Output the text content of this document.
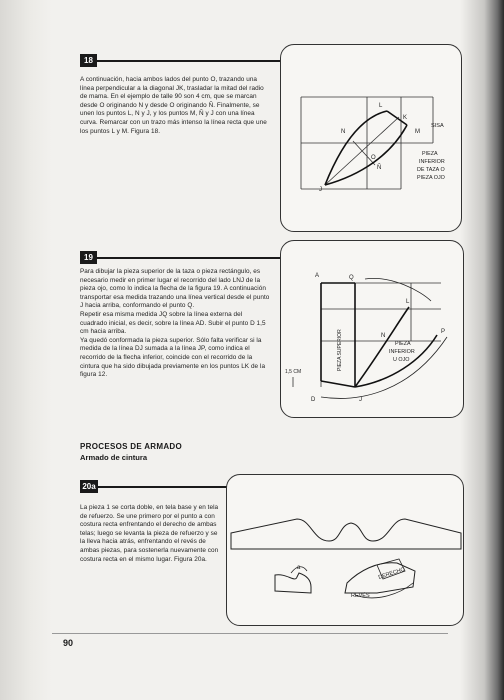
18
A continuación, hacia ambos lados del punto O, trazando una línea perpendicular a la diagonal JK, trasladar la mitad del radio de mama. En el ejemplo de talle 90 son 4 cm, que se marcan desde O originando N y desde O originando Ñ. Finalmente, se unen los puntos L, N y J, y los puntos M, Ñ y J con una línea curva. Remarcar con un trazo más intenso la línea recta que une los puntos L y M. Figura 18.
L
K
M
N
O
Ñ
J
SISA
PIEZA
INFERIOR
DE TAZA O
PIEZA OJO
19
Para dibujar la pieza superior de la taza o pieza rectángulo, es necesario medir en primer lugar el recorrido del lado LNJ de la pieza ojo, como lo indica la flecha de la figura 19. A continuación transportar esa medida trazando una línea vertical desde el punto J hacia arriba, conformando el punto Q.
Repetir esa misma medida JQ sobre la línea externa del cuadrado inicial, es decir, sobre la línea AD. Subir el punto D 1,5 cm hacia arriba.
Ya quedó conformada la pieza superior. Sólo falta verificar si la medida de la línea DJ sumada a la línea JP, como indica el recorrido de la flecha inferior, coincide con el recorrido de la cintura que ha sido dibujada previamente en los puntos LK de la figura 12.
A	Q
L
N
J
D
P
1,5 CM
PIEZA SUPERIOR	PIEZA
INFERIOR
U OJO
PROCESOS DE ARMADO
Armado de cintura
20a
La pieza 1 se corta doble, en tela base y en tela de refuerzo. Se une primero por el punto a con costura recta enfrentando el derecho de ambas telas; luego se levanta la pieza de refuerzo y se la lleva hacia atrás, enfrentando el revés de ambas piezas, para sostenerla nuevamente con costura recta en el mismo lugar. Figura 20a.
a
REVÉS
DERECHO
90
